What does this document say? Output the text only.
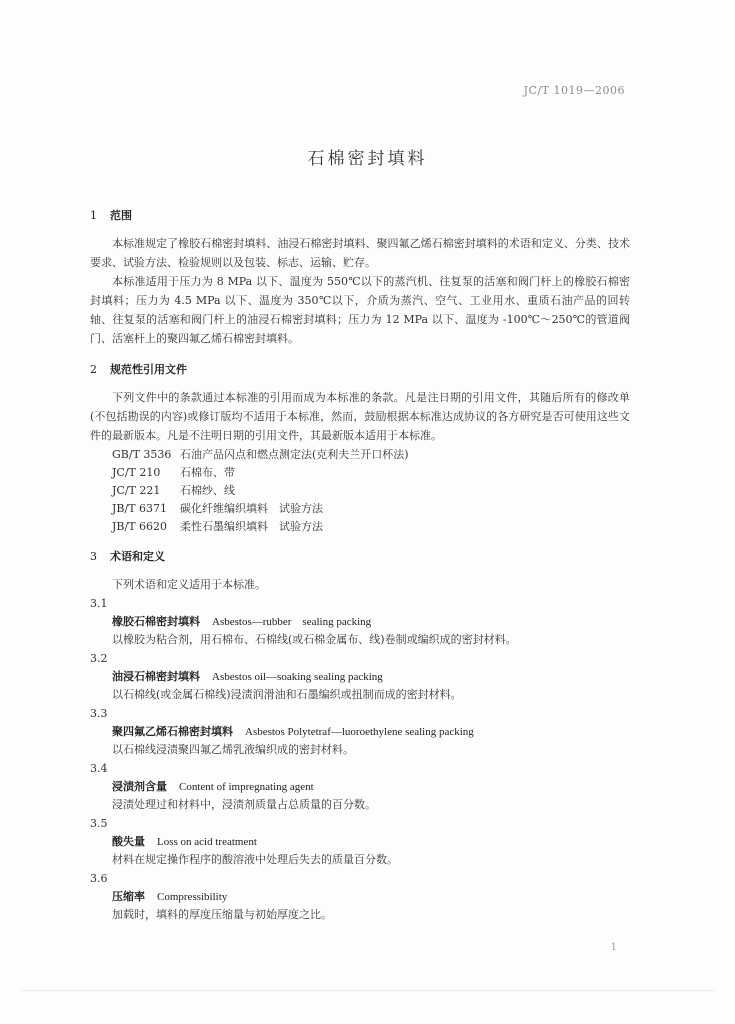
JC/T 1019—2006
石棉密封填料
1 范围

本标准规定了橡胶石棉密封填料、油浸石棉密封填料、聚四氟乙烯石棉密封填料的术语和定义、分类、技术要求、试验方法、检验规则以及包装、标志、运输、贮存。

本标准适用于压力为 8 MPa 以下、温度为 550℃以下的蒸汽机、往复泵的活塞和阀门杆上的橡胶石棉密封填料；压力为 4.5 MPa 以下、温度为 350℃以下，介质为蒸汽、空气、工业用水、重质石油产品的回转轴、往复泵的活塞和阀门杆上的油浸石棉密封填料；压力为 12 MPa 以下、温度为 -100℃～250℃的管道阀门、活塞杆上的聚四氟乙烯石棉密封填料。

2 规范性引用文件

下列文件中的条款通过本标准的引用而成为本标准的条款。凡是注日期的引用文件，其随后所有的修改单(不包括勘误的内容)或修订版均不适用于本标准，然而，鼓励根据本标准达成协议的各方研究是否可使用这些文件的最新版本。凡是不注明日期的引用文件，其最新版本适用于本标准。

GB/T 3536 石油产品闪点和燃点测定法(克利夫兰开口杯法)
JC/T 210 石棉布、带
JC/T 221 石棉纱、线
JB/T 6371 碳化纤维编织填料　试验方法
JB/T 6620 柔性石墨编织填料　试验方法
3 术语和定义

下列术语和定义适用于本标准。

3.1

橡胶石棉密封填料 Asbestos—rubber　sealing packing

以橡胶为粘合剂，用石棉布、石棉线(或石棉金属布、线)卷制或编织成的密封材料。

3.2

油浸石棉密封填料 Asbestos oil—soaking sealing packing

以石棉线(或金属石棉线)浸渍润滑油和石墨编织或扭制而成的密封材料。

3.3

聚四氟乙烯石棉密封填料 Asbestos Polytetraf—luoroethylene sealing packing

以石棉线浸渍聚四氟乙烯乳液编织成的密封材料。

3.4

浸渍剂含量 Content of impregnating agent

浸渍处理过和材料中，浸渍剂质量占总质量的百分数。

3.5

酸失量 Loss on acid treatment

材料在规定操作程序的酸溶液中处理后失去的质量百分数。

3.6

压缩率 Compressibility

加载时，填料的厚度压缩量与初始厚度之比。

1
